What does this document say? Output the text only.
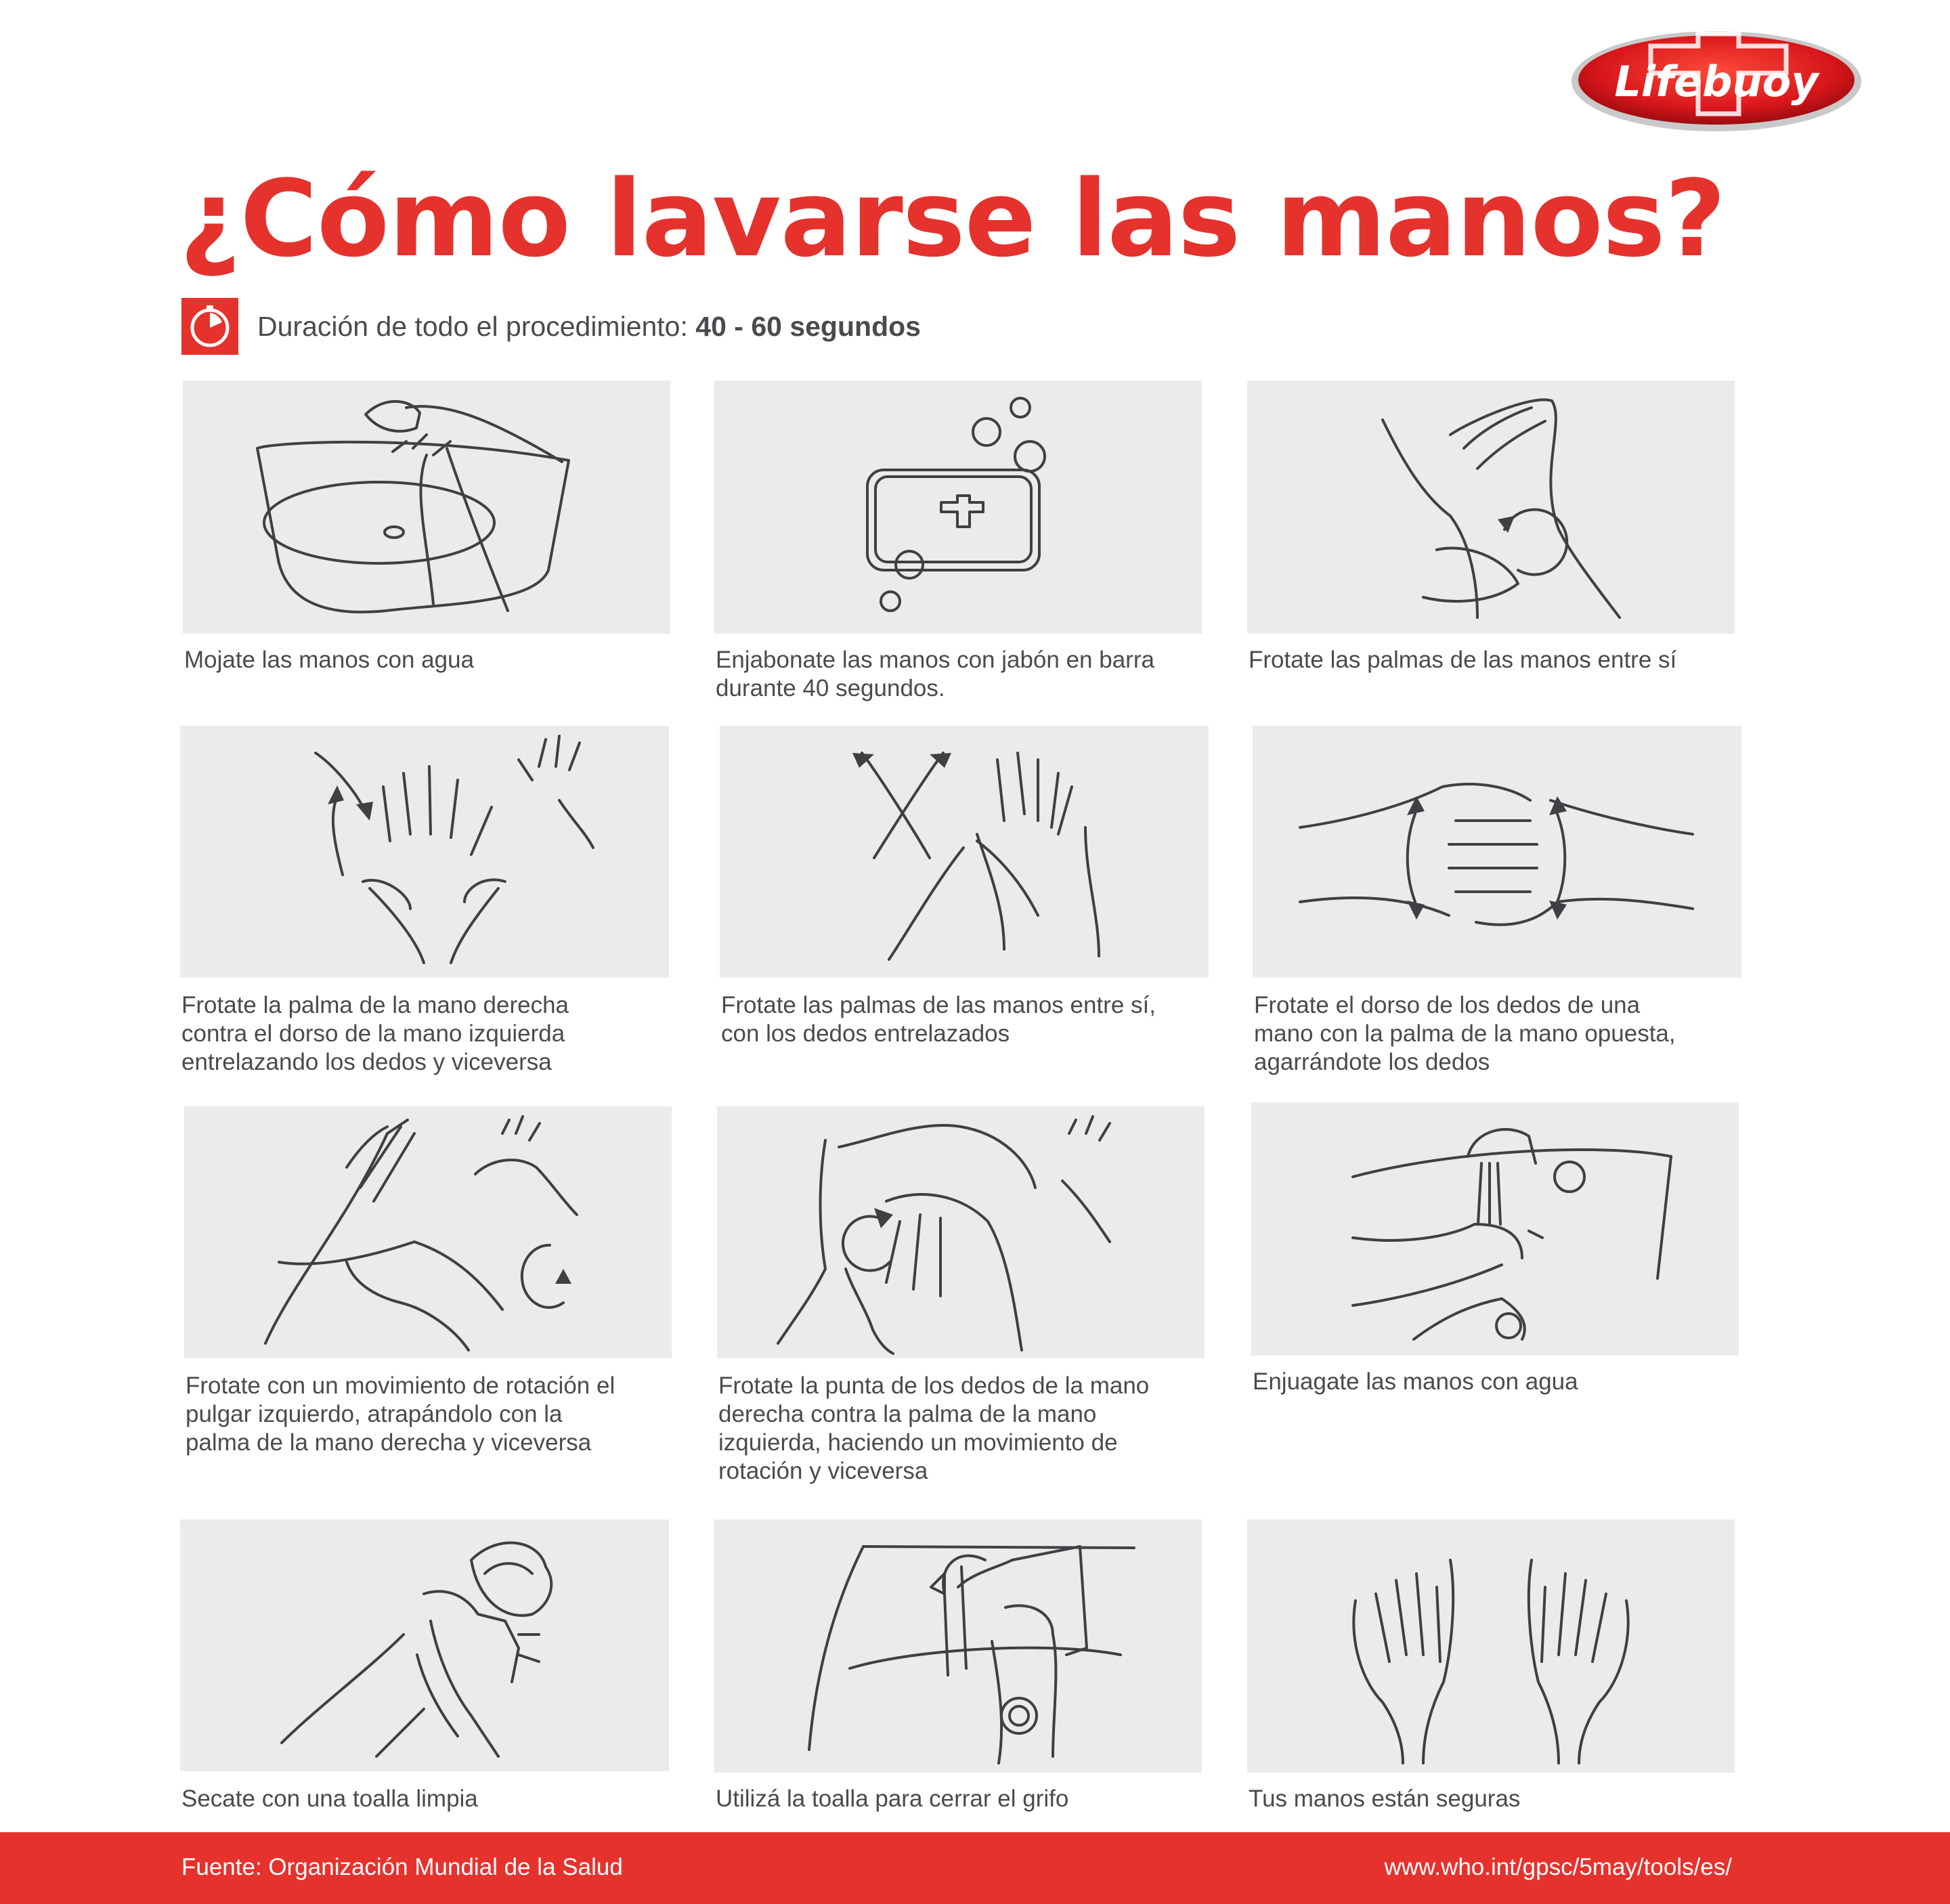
Lifebuoy
¿Cómo lavarse las manos?
Duración de todo el procedimiento: 40 - 60 segundos

Mojate las manos con agua	Enjabonate las manos con jabón en barra
durante 40 segundos.

Frotate las palmas de las manos entre sí

Frotate la palma de la mano derecha
contra el dorso de la mano izquierda
entrelazando los dedos y viceversa

Frotate las palmas de las manos entre sí,
con los dedos entrelazados

Frotate el dorso de los dedos de una
mano con la palma de la mano opuesta,
agarrándote los dedos

Frotate con un movimiento de rotación el
pulgar izquierdo, atrapándolo con la
palma de la mano derecha y viceversa

Frotate la punta de los dedos de la mano
derecha contra la palma de la mano
izquierda, haciendo un movimiento de
rotación y viceversa

Enjuagate las manos con agua

Secate con una toalla limpia	Utilizá la toalla para cerrar el grifo	Tus manos están seguras

Fuente: Organización Mundial de la Salud	www.who.int/gpsc/5may/tools/es/
